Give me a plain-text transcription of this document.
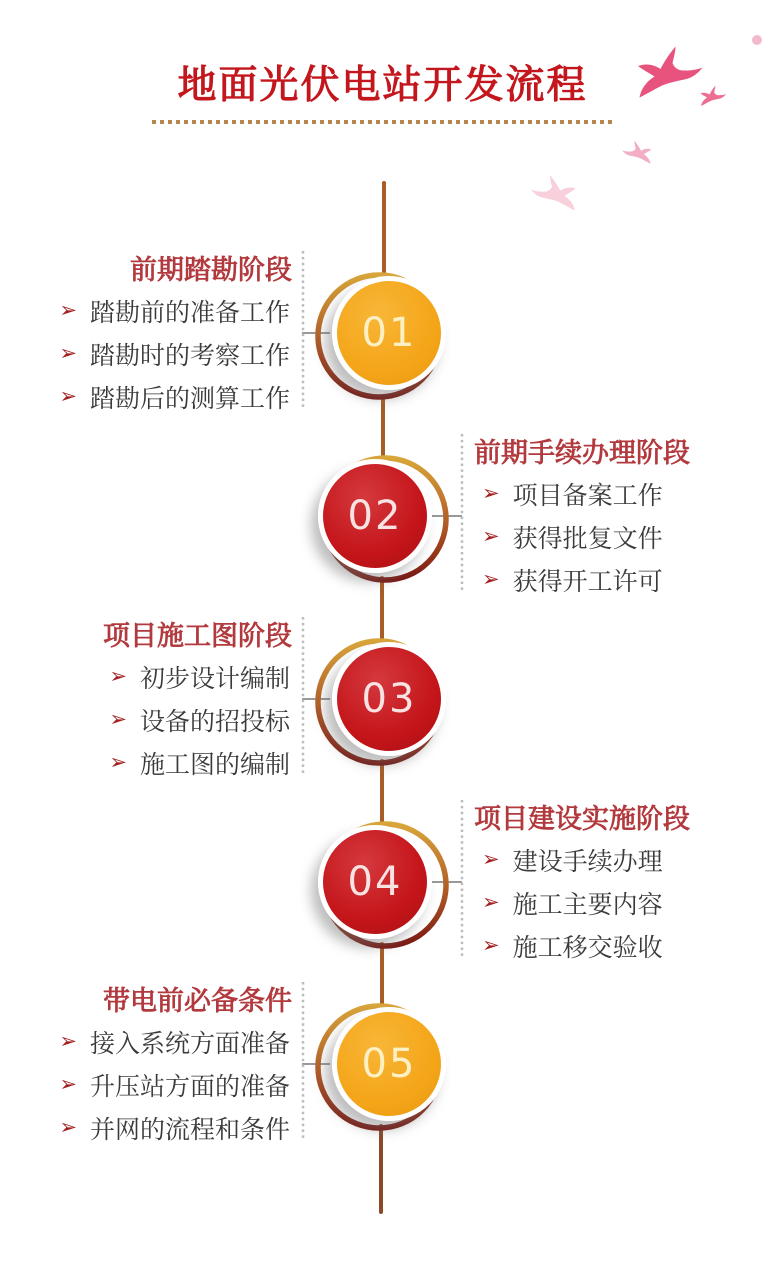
地面光伏电站开发流程
前期踏勘阶段
➢ 踏勘前的准备工作
➢ 踏勘时的考察工作
➢ 踏勘后的测算工作
前期手续办理阶段
➢ 项目备案工作
➢ 获得批复文件
➢ 获得开工许可
项目施工图阶段
➢ 初步设计编制
➢ 设备的招投标
➢ 施工图的编制
项目建设实施阶段
➢ 建设手续办理
➢ 施工主要内容
➢ 施工移交验收
带电前必备条件
➢ 接入系统方面准备
➢ 升压站方面的准备
➢ 并网的流程和条件
01
02
03
04
05
